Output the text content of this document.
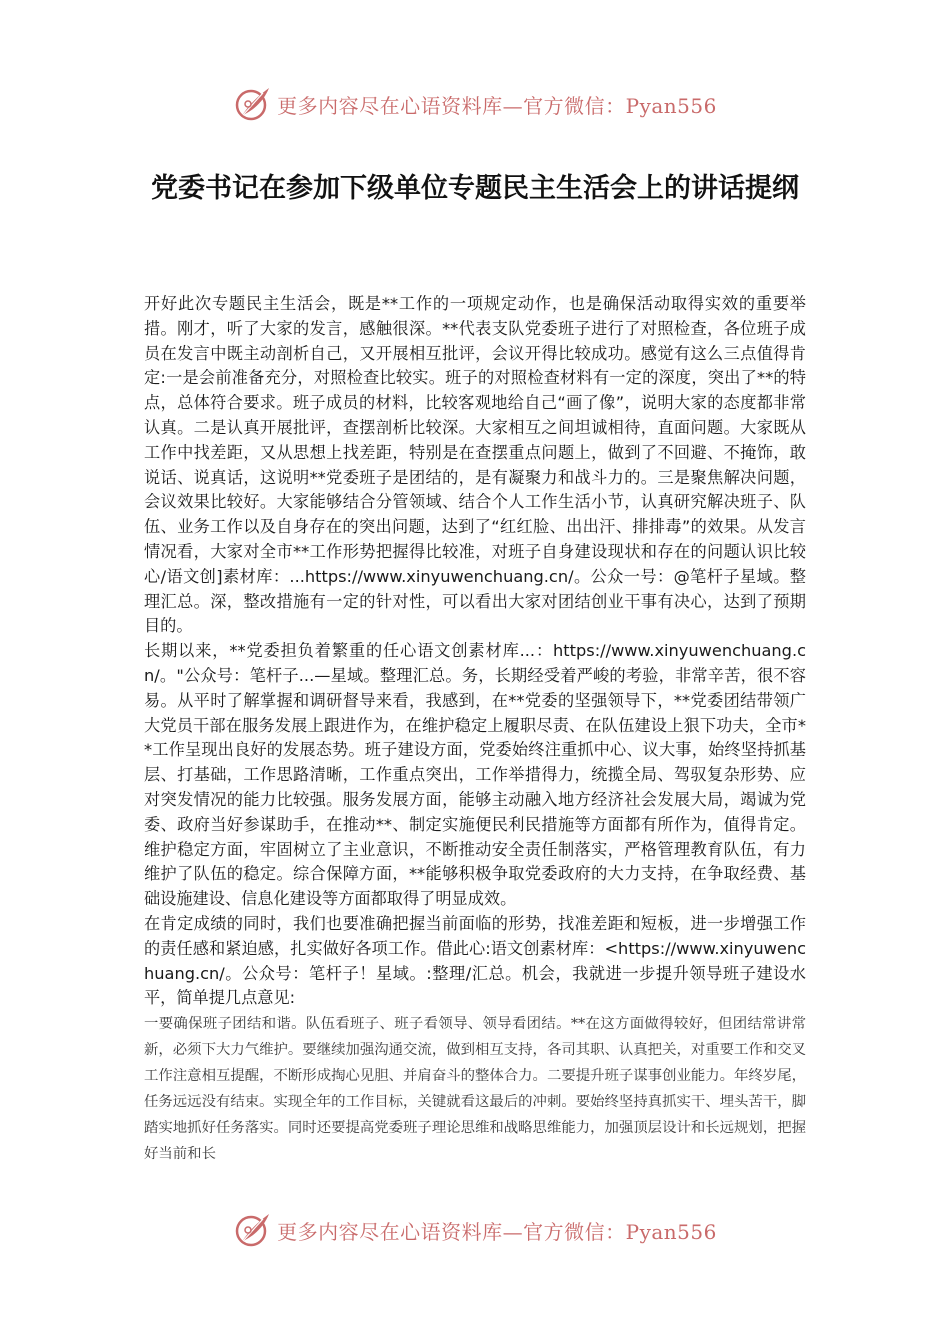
更多内容尽在心语资料库—官方微信：Pyan556
党委书记在参加下级单位专题民主生活会上的讲话提纲

开好此次专题民主生活会，既是**工作的一项规定动作，也是确保活动取得实效的重要举措。刚才，听了大家的发言，感触很深。**代表支队党委班子进行了对照检查，各位班子成员在发言中既主动剖析自己，又开展相互批评，会议开得比较成功。感觉有这么三点值得肯定:一是会前准备充分，对照检查比较实。班子的对照检查材料有一定的深度，突出了**的特点，总体符合要求。班子成员的材料，比较客观地给自己“画了像”，说明大家的态度都非常认真。二是认真开展批评，查摆剖析比较深。大家相互之间坦诚相待，直面问题。大家既从工作中找差距，又从思想上找差距，特别是在查摆重点问题上，做到了不回避、不掩饰，敢说话、说真话，这说明**党委班子是团结的，是有凝聚力和战斗力的。三是聚焦解决问题，会议效果比较好。大家能够结合分管领域、结合个人工作生活小节，认真研究解决班子、队伍、业务工作以及自身存在的突出问题，达到了“红红脸、出出汗、排排毒”的效果。从发言情况看，大家对全市**工作形势把握得比较准，对班子自身建设现状和存在的问题认识比较心/语文创]素材库：...https://www.xinyuwenchuang.cn/。公众一号：@笔杆子星域。整理汇总。深，整改措施有一定的针对性，可以看出大家对团结创业干事有决心，达到了预期目的。

长期以来，**党委担负着繁重的任心语文创素材库...：https://www.xinyuwenchuang.cn/。"公众号：笔杆子...—星域。整理汇总。务，长期经受着严峻的考验，非常辛苦，很不容易。从平时了解掌握和调研督导来看，我感到，在**党委的坚强领导下，**党委团结带领广大党员干部在服务发展上跟进作为，在维护稳定上履职尽责、在队伍建设上狠下功夫，全市**工作呈现出良好的发展态势。班子建设方面，党委始终注重抓中心、议大事，始终坚持抓基层、打基础，工作思路清晰，工作重点突出，工作举措得力，统揽全局、驾驭复杂形势、应对突发情况的能力比较强。服务发展方面，能够主动融入地方经济社会发展大局，竭诚为党委、政府当好参谋助手，在推动**、制定实施便民利民措施等方面都有所作为，值得肯定。维护稳定方面，牢固树立了主业意识，不断推动安全责任制落实，严格管理教育队伍，有力维护了队伍的稳定。综合保障方面，**能够积极争取党委政府的大力支持，在争取经费、基础设施建设、信息化建设等方面都取得了明显成效。

在肯定成绩的同时，我们也要准确把握当前面临的形势，找准差距和短板，进一步增强工作的责任感和紧迫感，扎实做好各项工作。借此心:语文创素材库：<https://www.xinyuwenchuang.cn/。公众号：笔杆子！星域。:整理/汇总。机会，我就进一步提升领导班子建设水平，简单提几点意见:

一要确保班子团结和谐。队伍看班子、班子看领导、领导看团结。**在这方面做得较好，但团结常讲常新，必须下大力气维护。要继续加强沟通交流，做到相互支持，各司其职、认真把关，对重要工作和交叉工作注意相互提醒，不断形成掏心见胆、并肩奋斗的整体合力。二要提升班子谋事创业能力。年终岁尾，任务远远没有结束。实现全年的工作目标，关键就看这最后的冲刺。要始终坚持真抓实干、埋头苦干，脚踏实地抓好任务落实。同时还要提高党委班子理论思维和战略思维能力，加强顶层设计和长远规划，把握好当前和长

更多内容尽在心语资料库—官方微信：Pyan556
